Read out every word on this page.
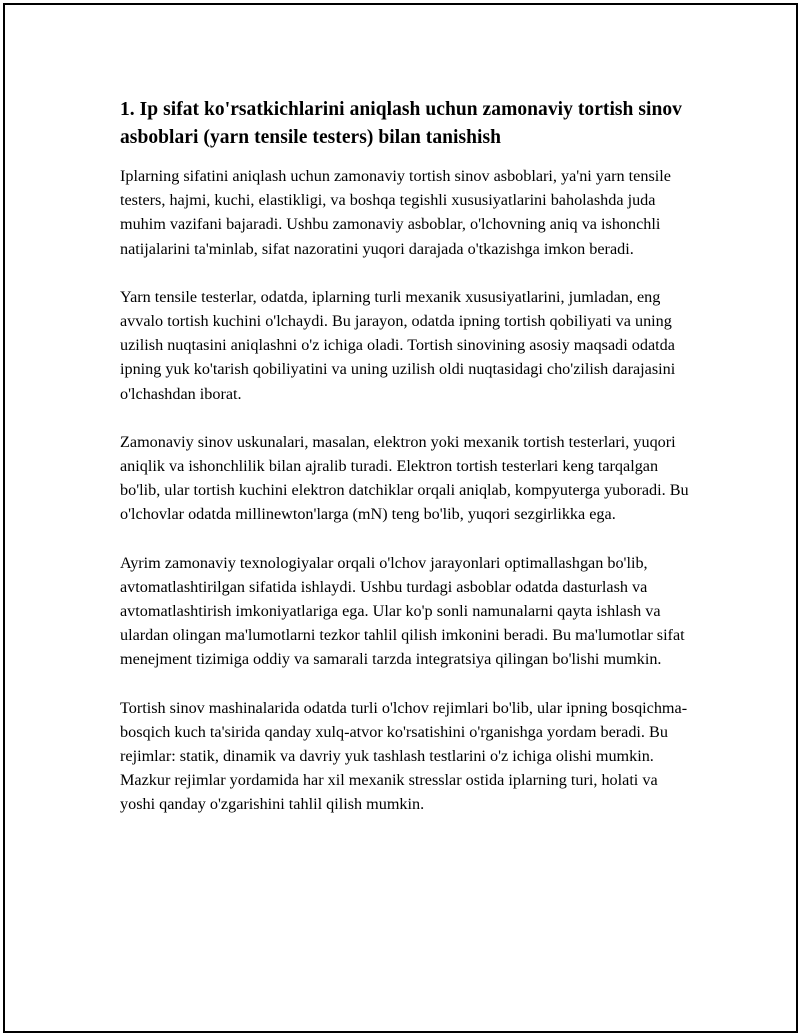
1. Ip sifat ko'rsatkichlarini aniqlash uchun zamonaviy tortish sinov asboblari (yarn tensile testers) bilan tanishish

Iplarning sifatini aniqlash uchun zamonaviy tortish sinov asboblari, ya'ni yarn tensile testers, hajmi, kuchi, elastikligi, va boshqa tegishli xususiyatlarini baholashda juda muhim vazifani bajaradi. Ushbu zamonaviy asboblar, o'lchovning aniq va ishonchli natijalarini ta'minlab, sifat nazoratini yuqori darajada o'tkazishga imkon beradi.

Yarn tensile testerlar, odatda, iplarning turli mexanik xususiyatlarini, jumladan, eng avvalo tortish kuchini o'lchaydi. Bu jarayon, odatda ipning tortish qobiliyati va uning uzilish nuqtasini aniqlashni o'z ichiga oladi. Tortish sinovining asosiy maqsadi odatda ipning yuk ko'tarish qobiliyatini va uning uzilish oldi nuqtasidagi cho'zilish darajasini o'lchashdan iborat.

Zamonaviy sinov uskunalari, masalan, elektron yoki mexanik tortish testerlari, yuqori aniqlik va ishonchlilik bilan ajralib turadi. Elektron tortish testerlari keng tarqalgan bo'lib, ular tortish kuchini elektron datchiklar orqali aniqlab, kompyuterga yuboradi. Bu o'lchovlar odatda millinewton'larga (mN) teng bo'lib, yuqori sezgirlikka ega.

Ayrim zamonaviy texnologiyalar orqali o'lchov jarayonlari optimallashgan bo'lib, avtomatlashtirilgan sifatida ishlaydi. Ushbu turdagi asboblar odatda dasturlash va avtomatlashtirish imkoniyatlariga ega. Ular ko'p sonli namunalarni qayta ishlash va ulardan olingan ma'lumotlarni tezkor tahlil qilish imkonini beradi. Bu ma'lumotlar sifat menejment tizimiga oddiy va samarali tarzda integratsiya qilingan bo'lishi mumkin.

Tortish sinov mashinalarida odatda turli o'lchov rejimlari bo'lib, ular ipning bosqichma-bosqich kuch ta'sirida qanday xulq-atvor ko'rsatishini o'rganishga yordam beradi. Bu rejimlar: statik, dinamik va davriy yuk tashlash testlarini o'z ichiga olishi mumkin. Mazkur rejimlar yordamida har xil mexanik stresslar ostida iplarning turi, holati va yoshi qanday o'zgarishini tahlil qilish mumkin.
